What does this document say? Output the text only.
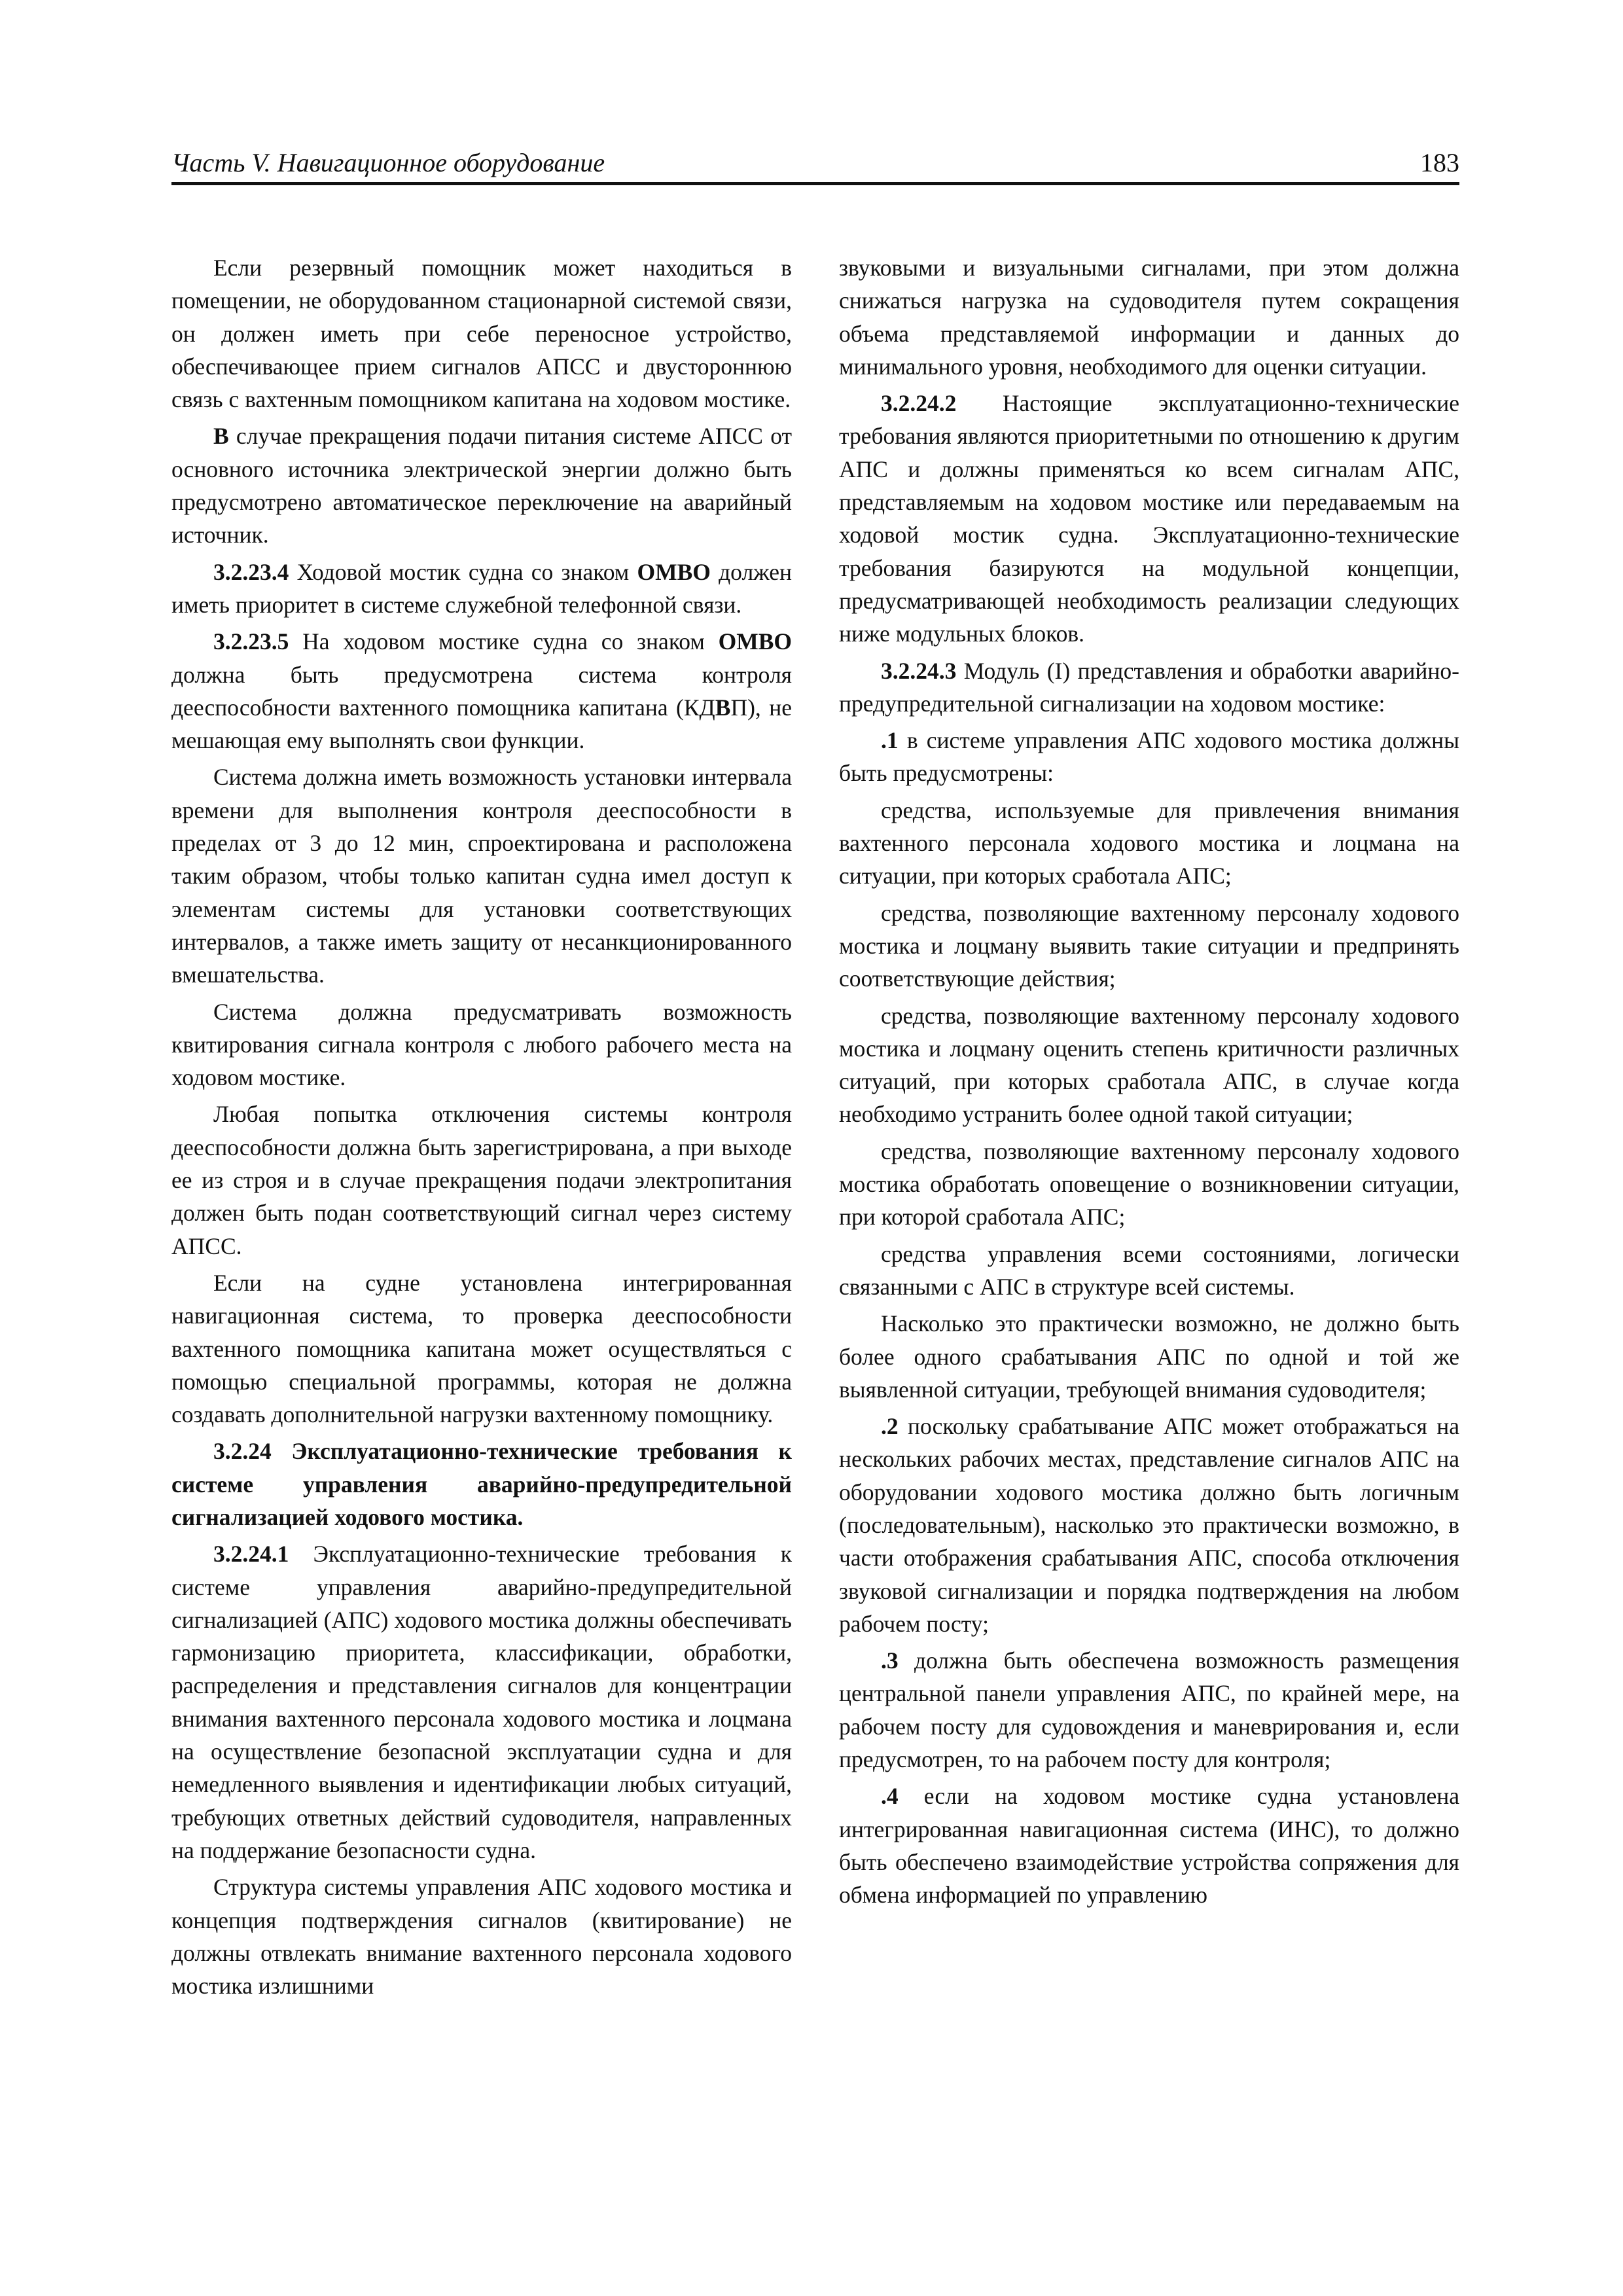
Часть V. Навигационное оборудование	183

Если резервный помощник может находиться в помещении, не оборудованном стационарной системой связи, он должен иметь при себе переносное устройство, обеспечивающее прием сигналов АПСС и двустороннюю связь с вахтенным помощником капитана на ходовом мостике.

В случае прекращения подачи питания системе АПСС от основного источника электрической энергии должно быть предусмотрено автоматическое переключение на аварийный источник.

3.2.23.4 Ходовой мостик судна со знаком OMBO должен иметь приоритет в системе служебной телефонной связи.

3.2.23.5 На ходовом мостике судна со знаком OMBO должна быть предусмотрена система контроля дееспособности вахтенного помощника капитана (КДВП), не мешающая ему выполнять свои функции.

Система должна иметь возможность установки интервала времени для выполнения контроля дееспособности в пределах от 3 до 12 мин, спроектирована и расположена таким образом, чтобы только капитан судна имел доступ к элементам системы для установки соответствующих интервалов, а также иметь защиту от несанкционированного вмешательства.

Система должна предусматривать возможность квитирования сигнала контроля с любого рабочего места на ходовом мостике.

Любая попытка отключения системы контроля дееспособности должна быть зарегистрирована, а при выходе ее из строя и в случае прекращения подачи электропитания должен быть подан соответствующий сигнал через систему АПСС.

Если на судне установлена интегрированная навигационная система, то проверка дееспособности вахтенного помощника капитана может осуществляться с помощью специальной программы, которая не должна создавать дополнительной нагрузки вахтенному помощнику.

3.2.24 Эксплуатационно-технические требования к системе управления аварийно-предупредительной сигнализацией ходового мостика.

3.2.24.1 Эксплуатационно-технические требования к системе управления аварийно-предупредительной сигнализацией (АПС) ходового мостика должны обеспечивать гармонизацию приоритета, классификации, обработки, распределения и представления сигналов для концентрации внимания вахтенного персонала ходового мостика и лоцмана на осуществление безопасной эксплуатации судна и для немедленного выявления и идентификации любых ситуаций, требующих ответных действий судоводителя, направленных на поддержание безопасности судна.

Структура системы управления АПС ходового мостика и концепция подтверждения сигналов (квитирование) не должны отвлекать внимание вахтенного персонала ходового мостика излишними

звуковыми и визуальными сигналами, при этом должна снижаться нагрузка на судоводителя путем сокращения объема представляемой информации и данных до минимального уровня, необходимого для оценки ситуации.

3.2.24.2 Настоящие эксплуатационно-технические требования являются приоритетными по отношению к другим АПС и должны применяться ко всем сигналам АПС, представляемым на ходовом мостике или передаваемым на ходовой мостик судна. Эксплуатационно-технические требования базируются на модульной концепции, предусматривающей необходимость реализации следующих ниже модульных блоков.

3.2.24.3 Модуль (I) представления и обработки аварийно-предупредительной сигнализации на ходовом мостике:

.1 в системе управления АПС ходового мостика должны быть предусмотрены:

средства, используемые для привлечения внимания вахтенного персонала ходового мостика и лоцмана на ситуации, при которых сработала АПС;

средства, позволяющие вахтенному персоналу ходового мостика и лоцману выявить такие ситуации и предпринять соответствующие действия;

средства, позволяющие вахтенному персоналу ходового мостика и лоцману оценить степень критичности различных ситуаций, при которых сработала АПС, в случае когда необходимо устранить более одной такой ситуации;

средства, позволяющие вахтенному персоналу ходового мостика обработать оповещение о возникновении ситуации, при которой сработала АПС;

средства управления всеми состояниями, логически связанными с АПС в структуре всей системы.

Насколько это практически возможно, не должно быть более одного срабатывания АПС по одной и той же выявленной ситуации, требующей внимания судоводителя;

.2 поскольку срабатывание АПС может отображаться на нескольких рабочих местах, представление сигналов АПС на оборудовании ходового мостика должно быть логичным (последовательным), насколько это практически возможно, в части отображения срабатывания АПС, способа отключения звуковой сигнализации и порядка подтверждения на любом рабочем посту;

.3 должна быть обеспечена возможность размещения центральной панели управления АПС, по крайней мере, на рабочем посту для судовождения и маневрирования и, если предусмотрен, то на рабочем посту для контроля;

.4 если на ходовом мостике судна установлена интегрированная навигационная система (ИНС), то должно быть обеспечено взаимодействие устройства сопряжения для обмена информацией по управлению
